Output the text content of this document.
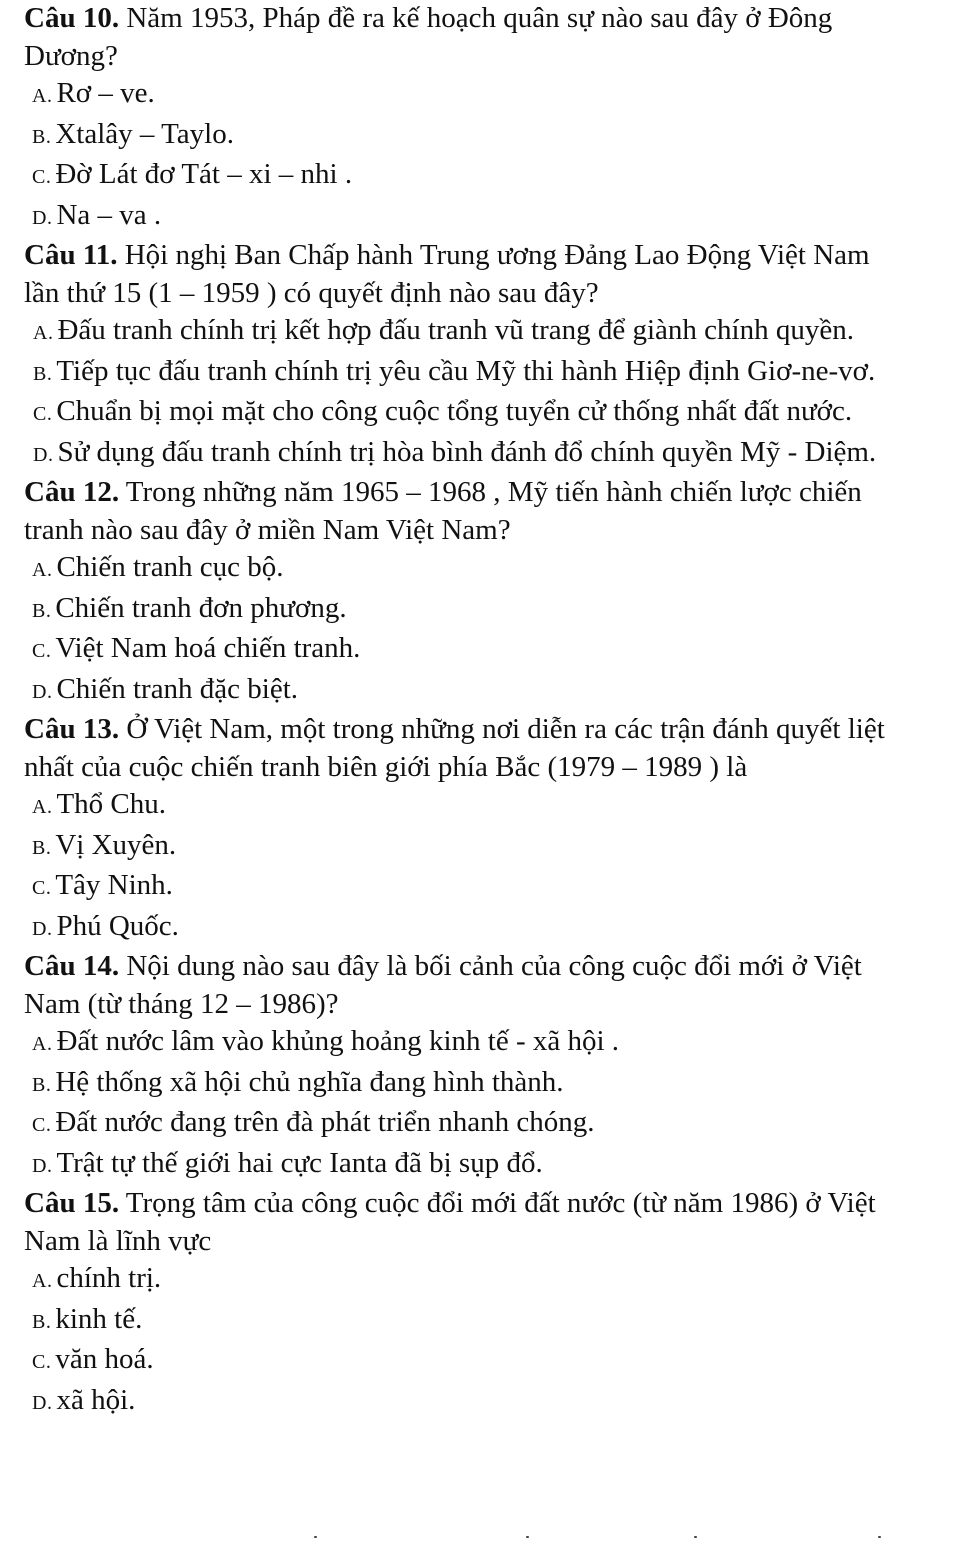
Câu 10. Năm 1953, Pháp đề ra kế hoạch quân sự nào sau đây ở Đông Dương?

A. Rơ – ve.

B. Xtalây – Taylo.

C. Đờ Lát đơ Tát – xi – nhi .

D. Na – va .

Câu 11. Hội nghị Ban Chấp hành Trung ương Đảng Lao Động Việt Nam lần thứ 15 (1 – 1959 ) có quyết định nào sau đây?

A. Đấu tranh chính trị kết hợp đấu tranh vũ trang để giành chính quyền.

B. Tiếp tục đấu tranh chính trị yêu cầu Mỹ thi hành Hiệp định Giơ-ne-vơ.

C. Chuẩn bị mọi mặt cho công cuộc tổng tuyển cử thống nhất đất nước.

D. Sử dụng đấu tranh chính trị hòa bình đánh đổ chính quyền Mỹ - Diệm.

Câu 12. Trong những năm 1965 – 1968 , Mỹ tiến hành chiến lược chiến tranh nào sau đây ở miền Nam Việt Nam?

A. Chiến tranh cục bộ.

B. Chiến tranh đơn phương.

C. Việt Nam hoá chiến tranh.

D. Chiến tranh đặc biệt.

Câu 13. Ở Việt Nam, một trong những nơi diễn ra các trận đánh quyết liệt nhất của cuộc chiến tranh biên giới phía Bắc (1979 – 1989 ) là

A. Thổ Chu.

B. Vị Xuyên.

C. Tây Ninh.

D. Phú Quốc.

Câu 14. Nội dung nào sau đây là bối cảnh của công cuộc đổi mới ở Việt Nam (từ tháng 12 – 1986)?

A. Đất nước lâm vào khủng hoảng kinh tế - xã hội .

B. Hệ thống xã hội chủ nghĩa đang hình thành.

C. Đất nước đang trên đà phát triển nhanh chóng.

D. Trật tự thế giới hai cực Ianta đã bị sụp đổ.

Câu 15. Trọng tâm của công cuộc đổi mới đất nước (từ năm 1986) ở Việt Nam là lĩnh vực

A. chính trị.

B. kinh tế.

C. văn hoá.

D. xã hội.
